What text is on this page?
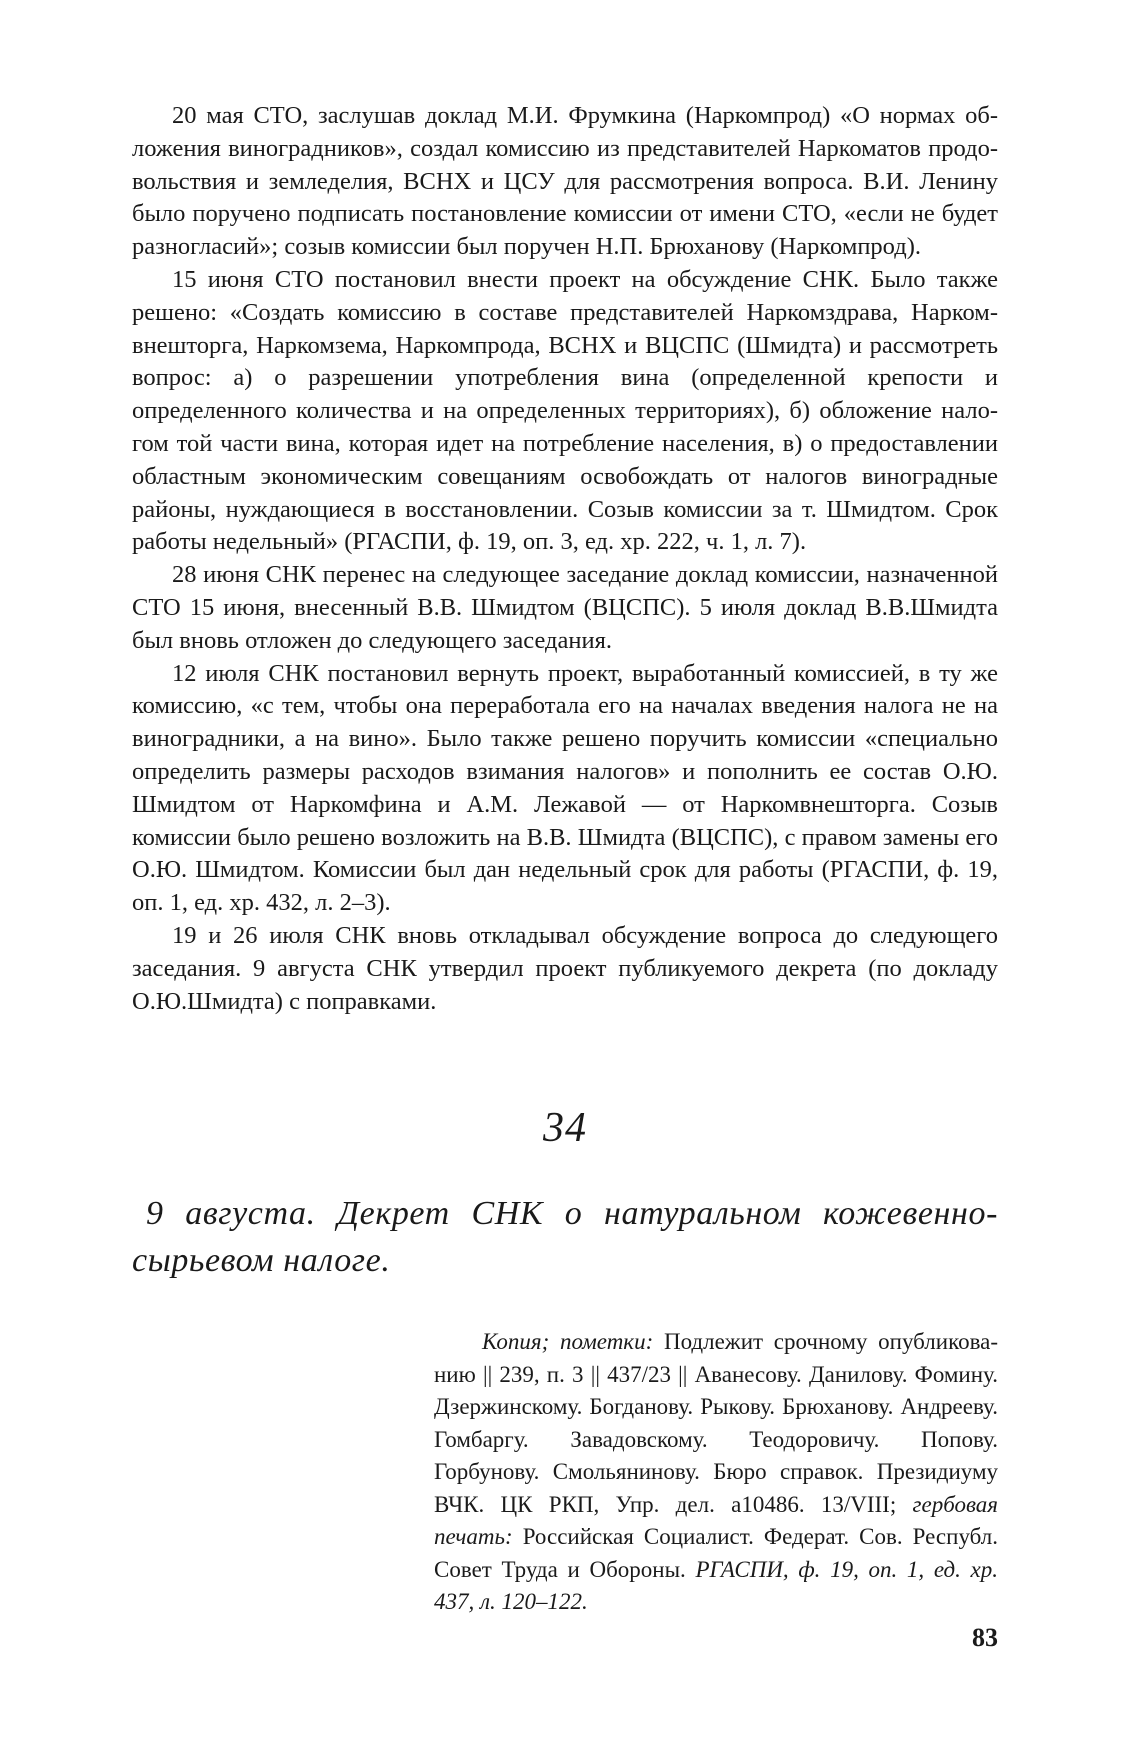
20 мая СТО, заслушав доклад М.И. Фрумкина (Наркомпрод) «О нормах обложения виноградников», создал комиссию из представителей Наркоматов продовольствия и земледелия, ВСНХ и ЦСУ для рассмотрения вопроса. В.И. Ленину было поручено подписать постановление комиссии от имени СТО, «если не будет разногласий»; созыв комиссии был поручен Н.П. Брюханову (Наркомпрод).

15 июня СТО постановил внести проект на обсуждение СНК. Было также решено: «Создать комиссию в составе представителей Наркомздрава, Наркомвнешторга, Наркомзема, Наркомпрода, ВСНХ и ВЦСПС (Шмидта) и рассмотреть вопрос: а) о разрешении употребления вина (определенной крепости и определенного количества и на определенных территориях), б) обложение налогом той части вина, которая идет на потребление населения, в) о предоставлении областным экономическим совещаниям освобождать от налогов виноградные районы, нуждающиеся в восстановлении. Созыв комиссии за т. Шмидтом. Срок работы недельный» (РГАСПИ, ф. 19, оп. 3, ед. хр. 222, ч. 1, л. 7).

28 июня СНК перенес на следующее заседание доклад комиссии, назначенной СТО 15 июня, внесенный В.В. Шмидтом (ВЦСПС). 5 июля доклад В.В.Шмидта был вновь отложен до следующего заседания.

12 июля СНК постановил вернуть проект, выработанный комиссией, в ту же комиссию, «с тем, чтобы она переработала его на началах введения налога не на виноградники, а на вино». Было также решено поручить комиссии «специально определить размеры расходов взимания налогов» и пополнить ее состав О.Ю. Шмидтом от Наркомфина и А.М. Лежавой — от Наркомвнешторга. Созыв комиссии было решено возложить на В.В. Шмидта (ВЦСПС), с правом замены его О.Ю. Шмидтом. Комиссии был дан недельный срок для работы (РГАСПИ, ф. 19, оп. 1, ед. хр. 432, л. 2–3).

19 и 26 июля СНК вновь откладывал обсуждение вопроса до следующего заседания. 9 августа СНК утвердил проект публикуемого декрета (по докладу О.Ю.Шмидта) с поправками.

34
9 августа. Декрет СНК о натуральном кожевенно-сырьевом налоге.

Копия; пометки: Подлежит срочному опубликованию || 239, п. 3 || 437/23 || Аванесову. Данилову. Фомину. Дзержинскому. Богданову. Рыкову. Брюханову. Андрееву. Гомбаргу. Завадовскому. Теодоровичу. Попову. Горбунову. Смольянинову. Бюро справок. Президиуму ВЧК. ЦК РКП, Упр. дел. а10486. 13/VIII; гербовая печать: Российская Социалист. Федерат. Сов. Республ. Совет Труда и Обороны. РГАСПИ, ф. 19, оп. 1, ед. хр. 437, л. 120–122.

83
